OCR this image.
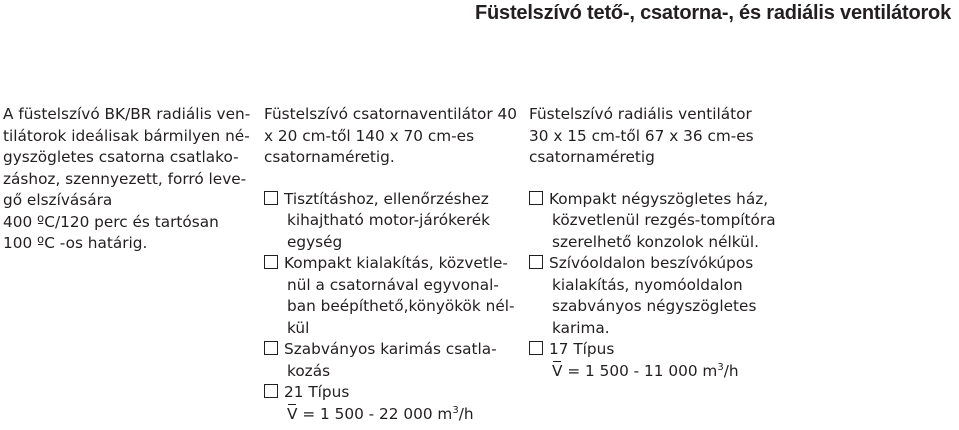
Füstelszívó tető-, csatorna-, és radiális ventilátorok
A füstelszívó BK/BR radiális ven-
tilátorok ideálisak bármilyen né-
gyszögletes csatorna csatlako-
záshoz, szennyezett, forró leve-
gő elszívására
400 ºC/120 perc és tartósan
100 ºC -os határig.
Füstelszívó csatornaventilátor 40
x 20 cm-től 140 x 70 cm-es
csatornaméretig.
Tisztításhoz, ellenőrzéshez
kihajtható motor-járókerék
egység
Kompakt kialakítás, közvetle-
nül a csatornával egyvonal-
ban beépíthető,könyökök nél-
kül
Szabványos karimás csatla-
kozás
21 Típus
V = 1 500 - 22 000 $m^3/h$
Füstelszívó radiális ventilátor
30 x 15 cm-től 67 x 36 cm-es
csatornaméretig
Kompakt négyszögletes ház,
közvetlenül rezgés-tompítóra
szerelhető konzolok nélkül.
Szívóoldalon beszívókúpos
kialakítás, nyomóoldalon
szabványos négyszögletes
karima.
17 Típus
V = 1 500 - 11 000 $m^3/h$
